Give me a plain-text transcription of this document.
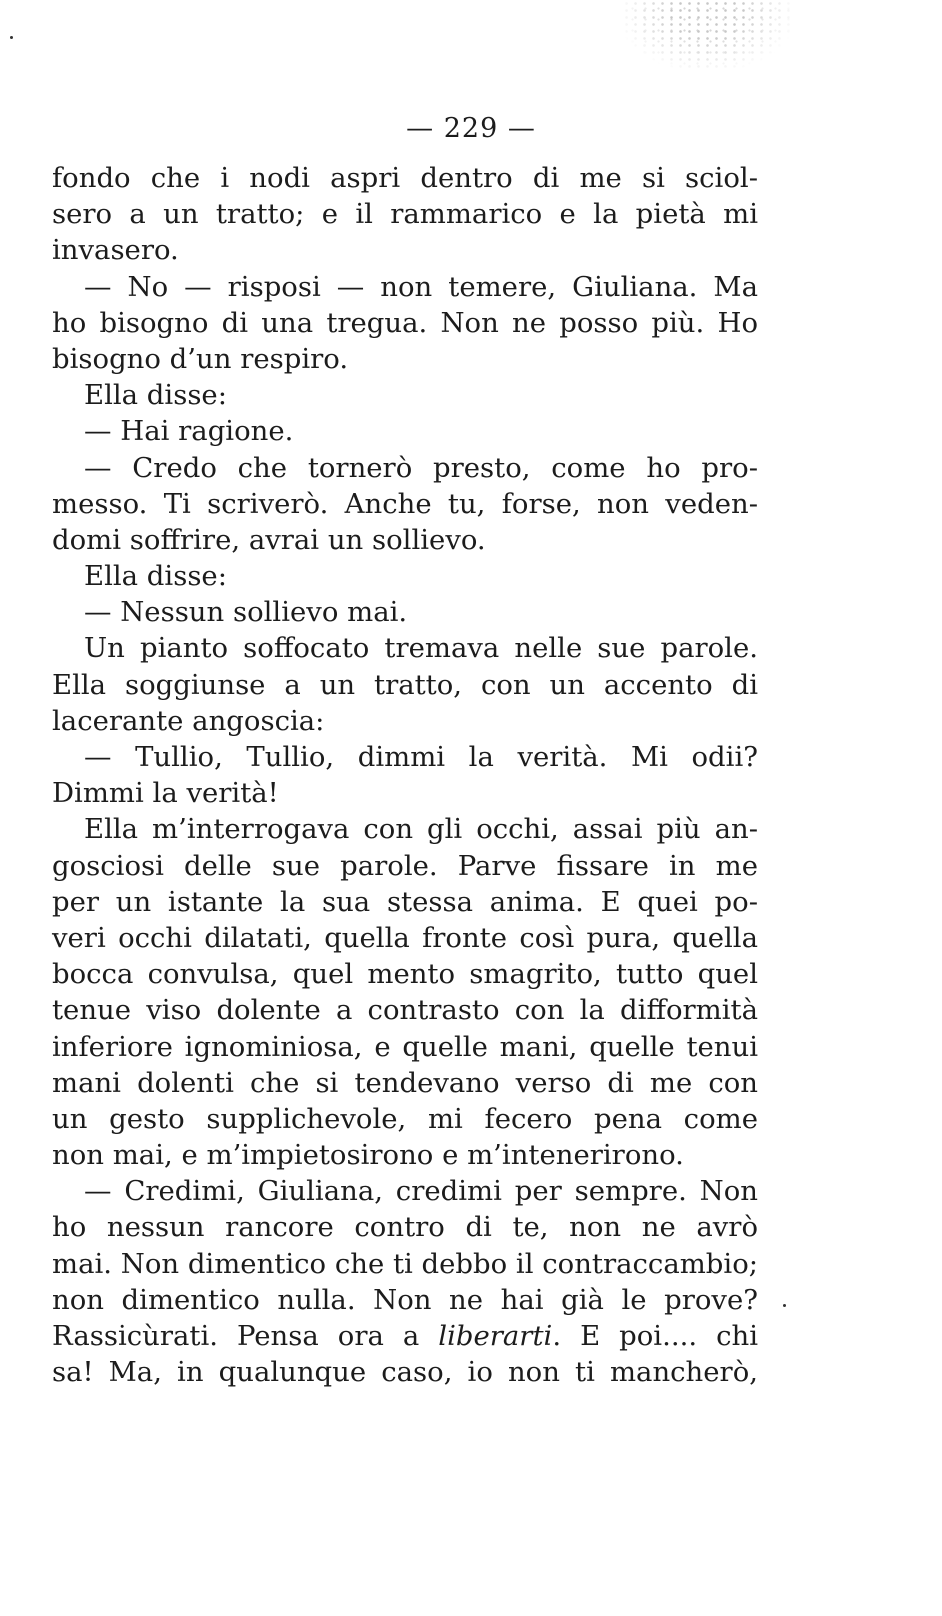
— 229 —
fondo che i nodi aspri dentro di me si sciol-
sero a un tratto; e il rammarico e la pietà mi
invasero.
— No — risposi — non temere, Giuliana. Ma
ho bisogno di una tregua. Non ne posso più. Ho
bisogno d’un respiro.
Ella disse:
— Hai ragione.
— Credo che tornerò presto, come ho pro-
messo. Ti scriverò. Anche tu, forse, non veden-
domi soffrire, avrai un sollievo.
Ella disse:
— Nessun sollievo mai.
Un pianto soffocato tremava nelle sue parole.
Ella soggiunse a un tratto, con un accento di
lacerante angoscia:
— Tullio, Tullio, dimmi la verità. Mi odii?
Dimmi la verità!
Ella m’interrogava con gli occhi, assai più an-
gosciosi delle sue parole. Parve fissare in me
per un istante la sua stessa anima. E quei po-
veri occhi dilatati, quella fronte così pura, quella
bocca convulsa, quel mento smagrito, tutto quel
tenue viso dolente a contrasto con la difformità
inferiore ignominiosa, e quelle mani, quelle tenui
mani dolenti che si tendevano verso di me con
un gesto supplichevole, mi fecero pena come
non mai, e m’impietosirono e m’intenerirono.
— Credimi, Giuliana, credimi per sempre. Non
ho nessun rancore contro di te, non ne avrò
mai. Non dimentico che ti debbo il contraccambio;
non dimentico nulla. Non ne hai già le prove?
Rassicùrati. Pensa ora a liberarti. E poi.... chi
sa! Ma, in qualunque caso, io non ti mancherò,
